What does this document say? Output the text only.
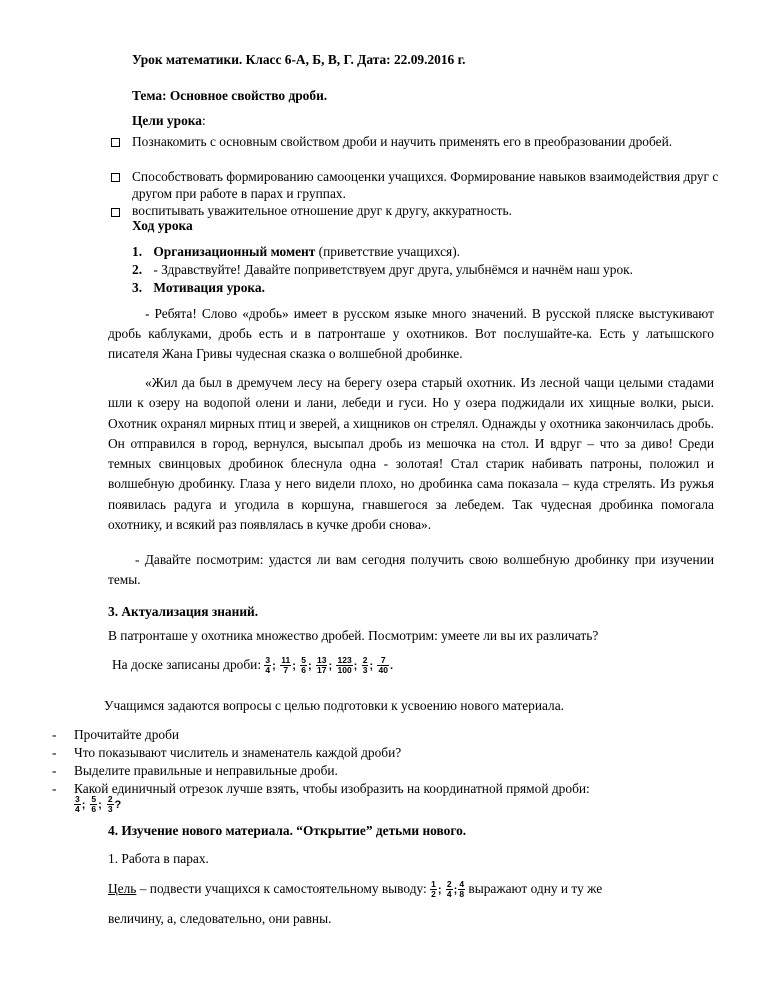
Урок математики. Класс 6-А, Б, В, Г. Дата: 22.09.2016 г.
Тема: Основное свойство дроби.
Цели урока:
Познакомить с основным свойством дроби и научить применять его в преобразовании дробей.
Способствовать формированию самооценки учащихся. Формирование навыков взаимодействия друг с другом при работе в парах и группах.
воспитывать уважительное отношение друг к другу, аккуратность.
Ход урока
1. Организационный момент (приветствие учащихся).
2. - Здравствуйте! Давайте поприветствуем друг друга, улыбнёмся и начнём наш урок.
3. Мотивация урока.
- Ребята! Слово «дробь» имеет в русском языке много значений. В русской пляске выстукивают дробь каблуками, дробь есть и в патронташе у охотников. Вот послушайте-ка. Есть у латышского писателя Жана Гривы чудесная сказка о волшебной дробинке.
«Жил да был в дремучем лесу на берегу озера старый охотник. Из лесной чащи целыми стадами шли к озеру на водопой олени и лани, лебеди и гуси. Но у озера поджидали их хищные волки, рыси. Охотник охранял мирных птиц и зверей, а хищников он стрелял. Однажды у охотника закончилась дробь. Он отправился в город, вернулся, высыпал дробь из мешочка на стол. И вдруг – что за диво! Среди темных свинцовых дробинок блеснула одна - золотая! Стал старик набивать патроны, положил и волшебную дробинку. Глаза у него видели плохо, но дробинка сама показала – куда стрелять. Из ружья появилась радуга и угодила в коршуна, гнавшегося за лебедем. Так чудесная дробинка помогала охотнику, и всякий раз появлялась в кучке дроби снова».
- Давайте посмотрим: удастся ли вам сегодня получить свою волшебную дробинку при изучении темы.
3. Актуализация знаний.
В патронташе у охотника множество дробей. Посмотрим: умеете ли вы их различать?
На доске записаны дроби: $\frac{3}{4}$ ; $\frac{11}{7}$ ; $\frac{5}{6}$ ; $\frac{13}{17}$ ; $\frac{123}{100}$ ; $\frac{2}{3}$ ; $\frac{7}{40}$ .
Учащимся задаются вопросы с целью подготовки к усвоению нового материала.
- Прочитайте дроби
- Что показывают числитель и знаменатель каждой дроби?
- Выделите правильные и неправильные дроби.
- Какой единичный отрезок лучше взять, чтобы изобразить на координатной прямой дроби:
$\frac{3}{4}$ ; $\frac{5}{6}$ ; $\frac{2}{3}$ ?
4. Изучение нового материала. “Открытие” детьми нового.
1. Работа в парах.
Цель – подвести учащихся к самостоятельному выводу: $\frac{1}{2}$ ; $\frac{2}{4}$ ; $\frac{4}{8}$ выражают одну и ту же
величину, а, следовательно, они равны.
